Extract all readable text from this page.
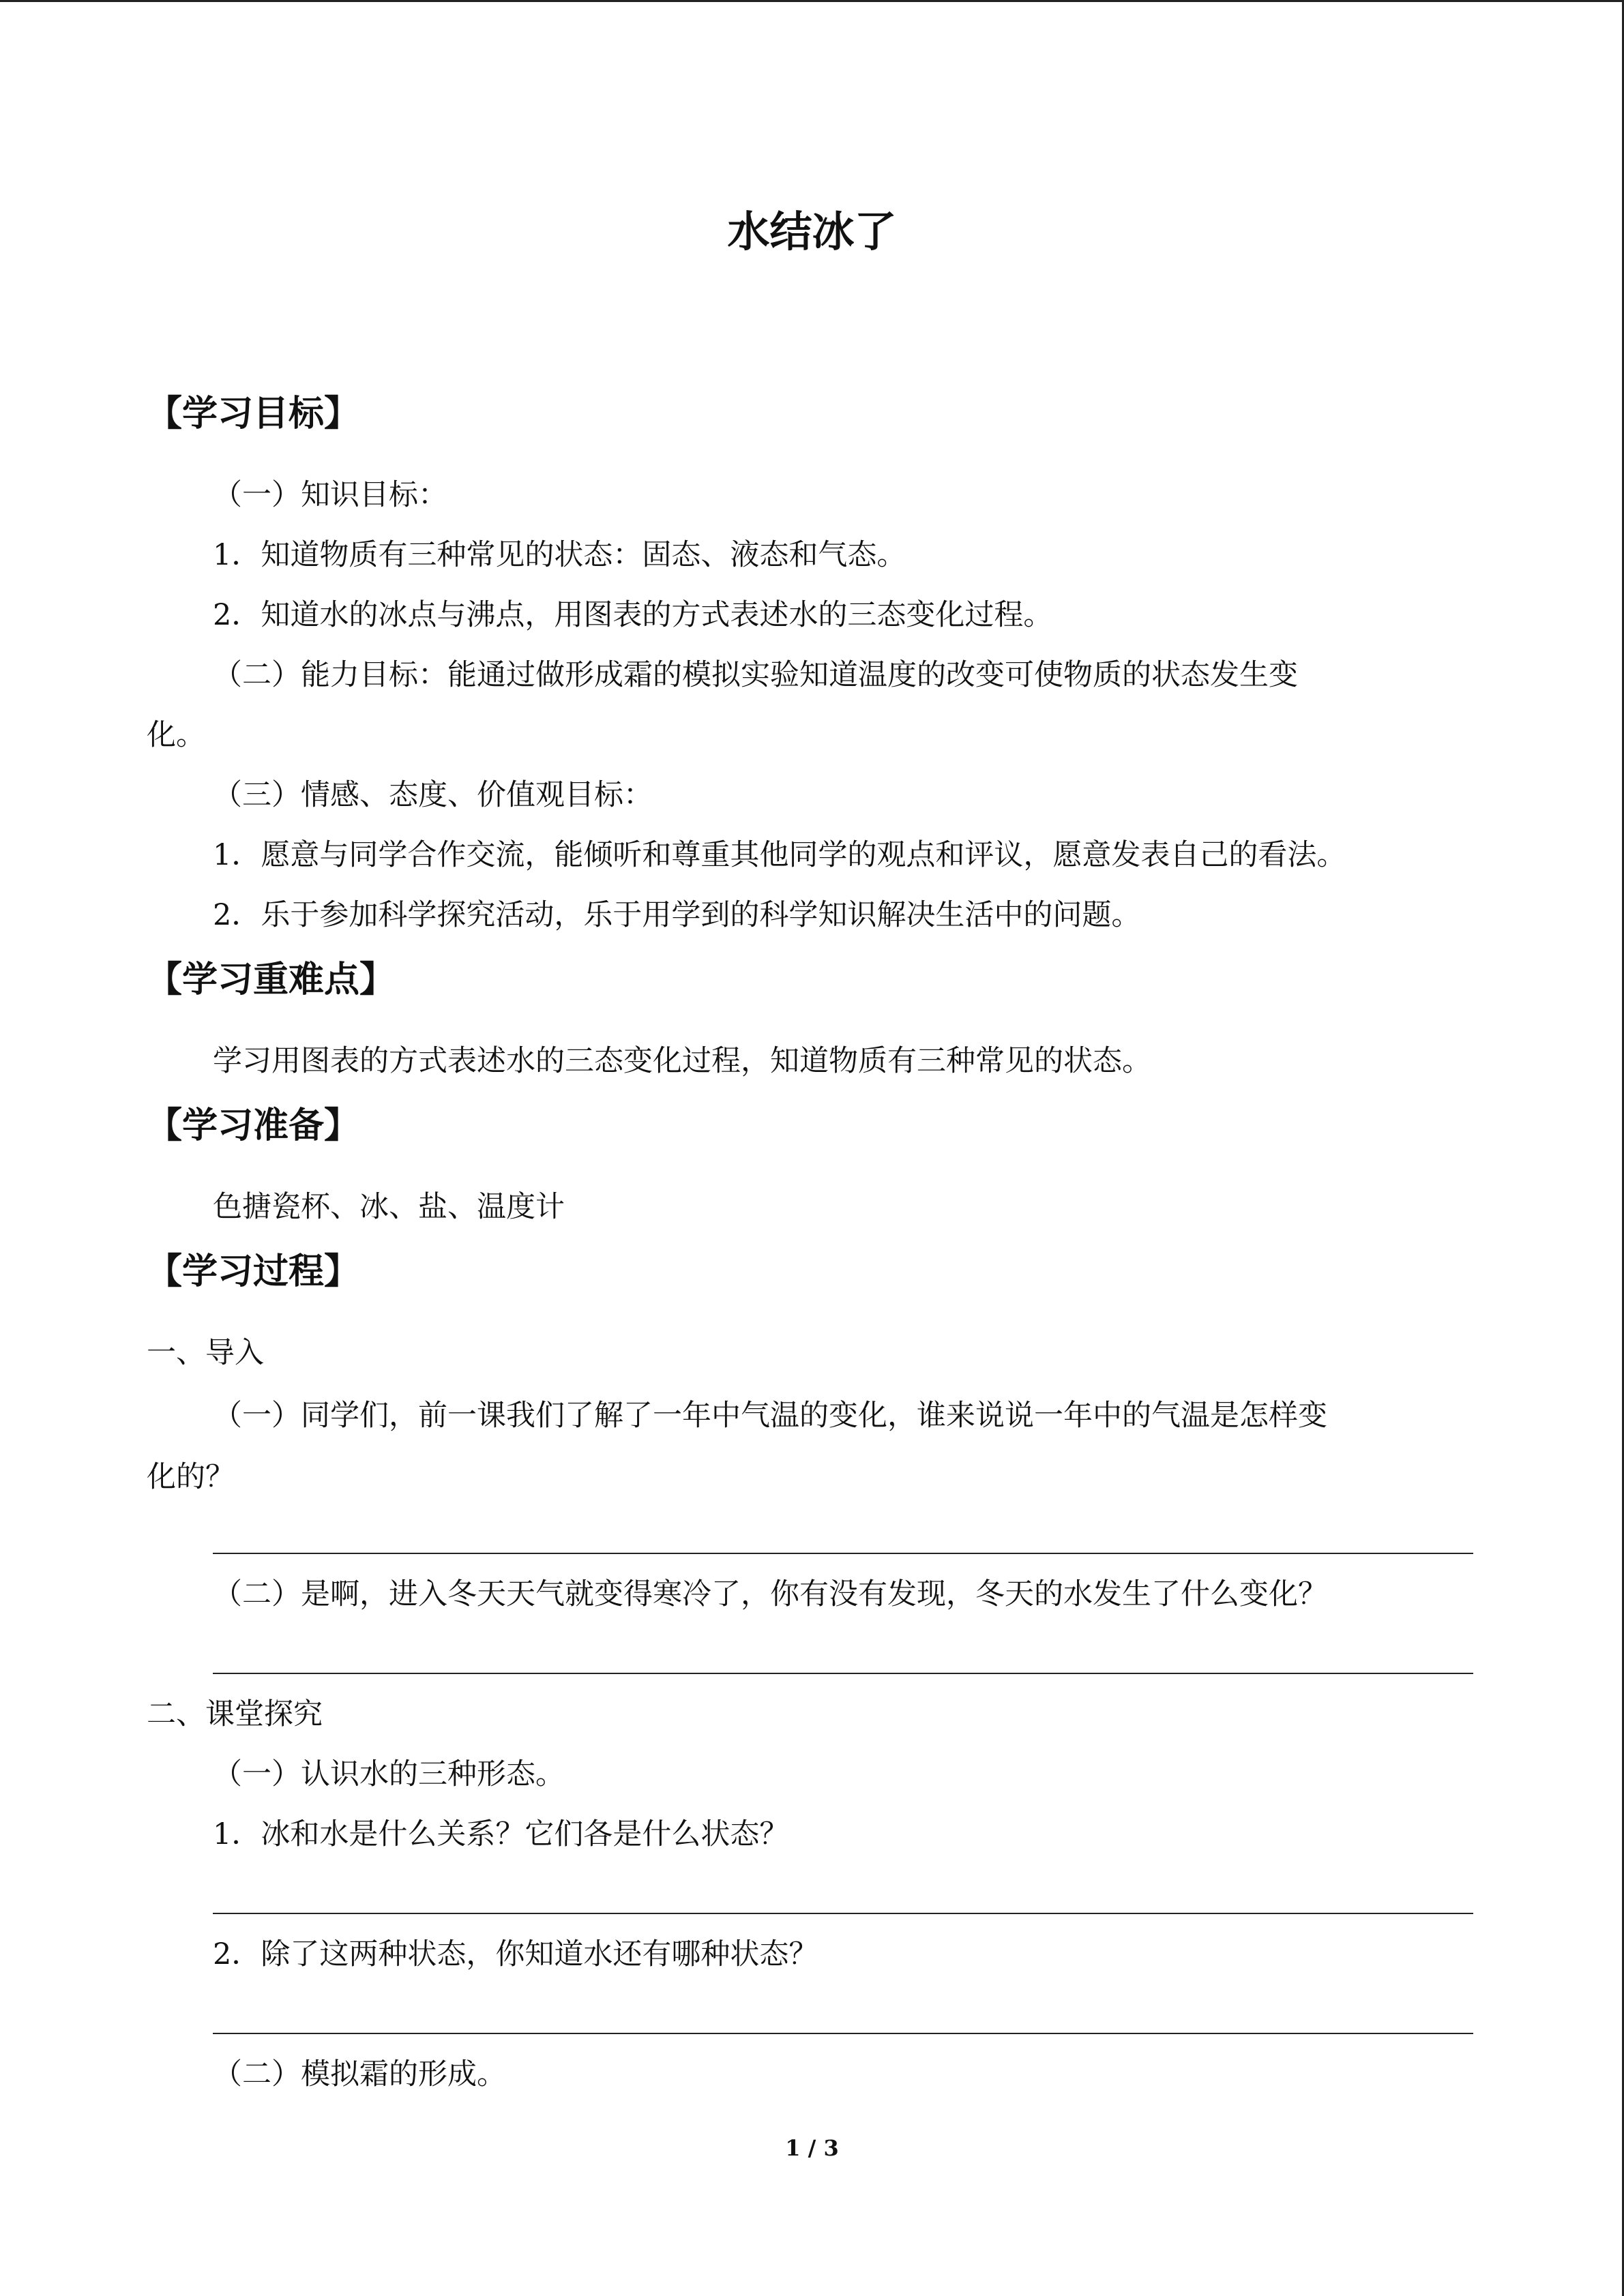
水结冰了
【学习目标】
（一）知识目标：
1．知道物质有三种常见的状态：固态、液态和气态。
2．知道水的冰点与沸点，用图表的方式表述水的三态变化过程。
（二）能力目标：能通过做形成霜的模拟实验知道温度的改变可使物质的状态发生变
化。
（三）情感、态度、价值观目标：
1．愿意与同学合作交流，能倾听和尊重其他同学的观点和评议，愿意发表自己的看法。
2．乐于参加科学探究活动，乐于用学到的科学知识解决生活中的问题。
【学习重难点】
学习用图表的方式表述水的三态变化过程，知道物质有三种常见的状态。
【学习准备】
色搪瓷杯、冰、盐、温度计
【学习过程】
一、导入
（一）同学们，前一课我们了解了一年中气温的变化，谁来说说一年中的气温是怎样变
化的？
（二）是啊，进入冬天天气就变得寒冷了，你有没有发现，冬天的水发生了什么变化？
二、课堂探究
（一）认识水的三种形态。
1．冰和水是什么关系？它们各是什么状态？
2．除了这两种状态，你知道水还有哪种状态？
（二）模拟霜的形成。
1 / 3
